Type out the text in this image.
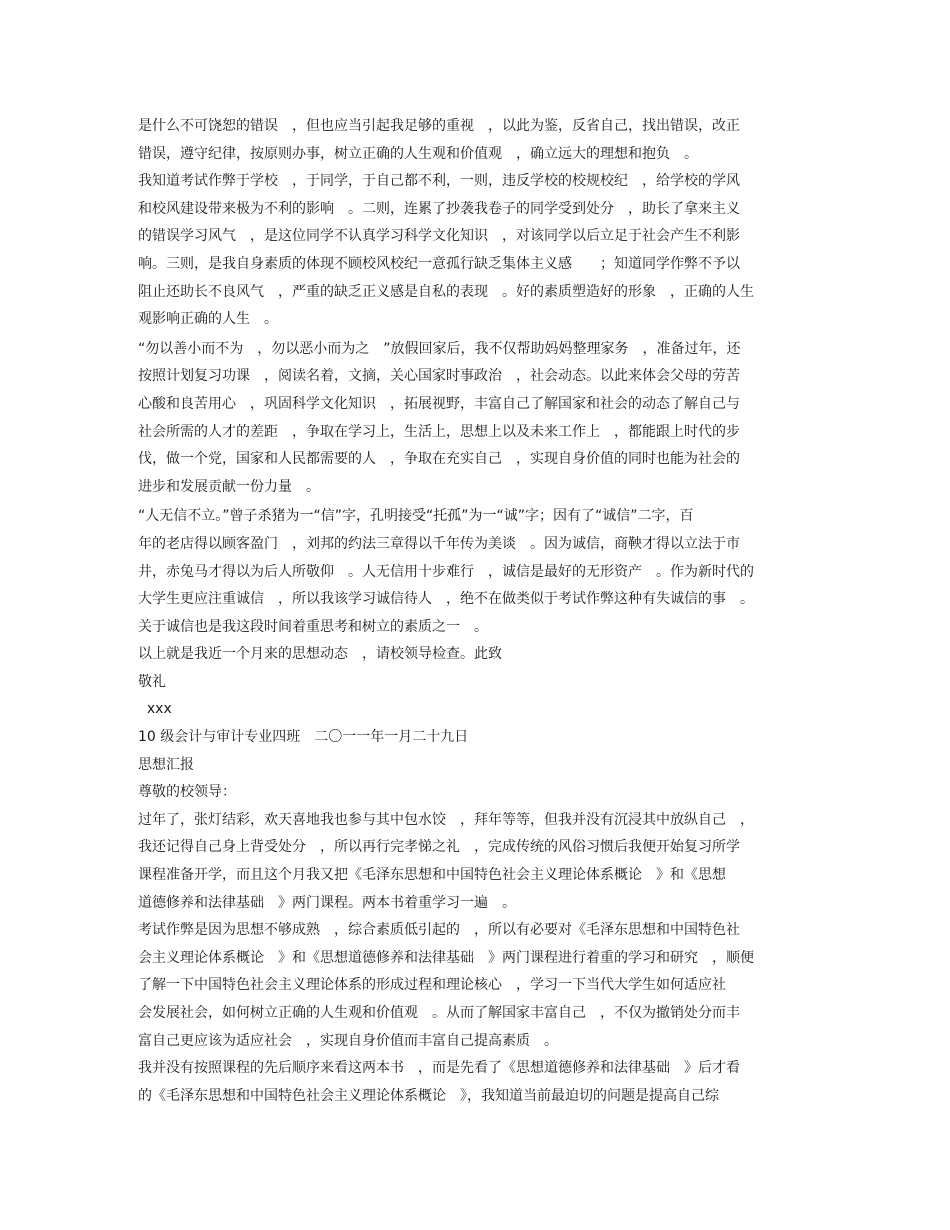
是什么不可饶恕的错误　，但也应当引起我足够的重视　，以此为鉴，反省自己，找出错误，改正
错误，遵守纪律，按原则办事，树立正确的人生观和价值观　，确立远大的理想和抱负　。
我知道考试作弊于学校　，于同学，于自己都不利，一则，违反学校的校规校纪　，给学校的学风
和校风建设带来极为不利的影响　。二则，连累了抄袭我卷子的同学受到处分　，助长了拿来主义
的错误学习风气　，是这位同学不认真学习科学文化知识　，对该同学以后立足于社会产生不利影
响。三则，是我自身素质的体现不顾校风校纪一意孤行缺乏集体主义感　　；知道同学作弊不予以
阻止还助长不良风气　，严重的缺乏正义感是自私的表现　。好的素质塑造好的形象　，正确的人生
观影响正确的人生　。
“勿以善小而不为　，勿以恶小而为之　”放假回家后，我不仅帮助妈妈整理家务　，准备过年，还
按照计划复习功课　，阅读名着，文摘，关心国家时事政治　，社会动态。以此来体会父母的劳苦
心酸和良苦用心　，巩固科学文化知识　，拓展视野，丰富自己了解国家和社会的动态了解自己与
社会所需的人才的差距　，争取在学习上，生活上，思想上以及未来工作上　，都能跟上时代的步
伐，做一个党，国家和人民都需要的人　，争取在充实自己　，实现自身价值的同时也能为社会的
进步和发展贡献一份力量　。
“人无信不立。”曾子杀猪为一“信”字，孔明接受“托孤”为一“诚”字；因有了“诚信”二字，百
年的老店得以顾客盈门　，刘邦的约法三章得以千年传为美谈　。因为诚信，商鞅才得以立法于市
井，赤兔马才得以为后人所敬仰　。人无信用十步难行　，诚信是最好的无形资产　。作为新时代的
大学生更应注重诚信　，所以我该学习诚信待人　，绝不在做类似于考试作弊这种有失诚信的事　。
关于诚信也是我这段时间着重思考和树立的素质之一　。
以上就是我近一个月来的思想动态　，请校领导检查。此致
敬礼
xxx
10 级会计与审计专业四班　二〇一一年一月二十九日
思想汇报
尊敬的校领导：
过年了，张灯结彩，欢天喜地我也参与其中包水饺　，拜年等等，但我并没有沉浸其中放纵自己　，
我还记得自己身上背受处分　，所以再行完孝悌之礼　，完成传统的风俗习惯后我便开始复习所学
课程准备开学，而且这个月我又把《毛泽东思想和中国特色社会主义理论体系概论　》和《思想
道德修养和法律基础　》两门课程。两本书着重学习一遍　。
考试作弊是因为思想不够成熟　，综合素质低引起的　，所以有必要对《毛泽东思想和中国特色社
会主义理论体系概论　》和《思想道德修养和法律基础　》两门课程进行着重的学习和研究　，顺便
了解一下中国特色社会主义理论体系的形成过程和理论核心　，学习一下当代大学生如何适应社
会发展社会，如何树立正确的人生观和价值观　。从而了解国家丰富自己　，不仅为撤销处分而丰
富自己更应该为适应社会　，实现自身价值而丰富自己提高素质　。
我并没有按照课程的先后顺序来看这两本书　，而是先看了《思想道德修养和法律基础　》后才看
的《毛泽东思想和中国特色社会主义理论体系概论　》，我知道当前最迫切的问题是提高自己综
